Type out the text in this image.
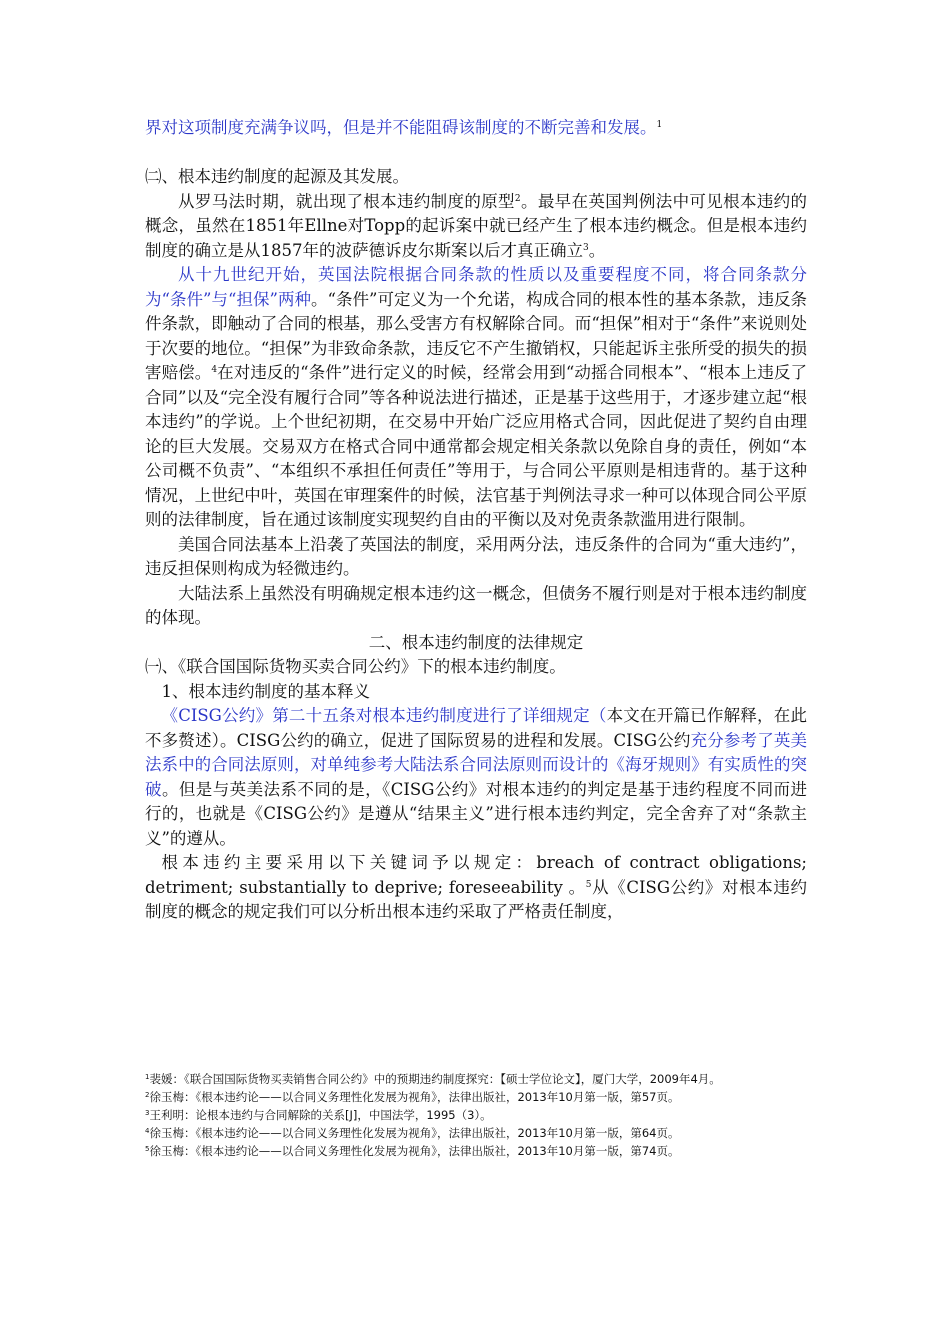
界对这项制度充满争议吗，但是并不能阻碍该制度的不断完善和发展。$^1$

㈡、根本违约制度的起源及其发展。

从罗马法时期，就出现了根本违约制度的原型$^2$。最早在英国判例法中可见根本违约的概念，虽然在1851年Ellne对Topp的起诉案中就已经产生了根本违约概念。但是根本违约制度的确立是从1857年的波萨德诉皮尔斯案以后才真正确立$^3$。

从十九世纪开始，英国法院根据合同条款的性质以及重要程度不同，将合同条款分为“条件”与“担保”两种。“条件”可定义为一个允诺，构成合同的根本性的基本条款，违反条件条款，即触动了合同的根基，那么受害方有权解除合同。而“担保”相对于“条件”来说则处于次要的地位。“担保”为非致命条款，违反它不产生撤销权，只能起诉主张所受的损失的损害赔偿。$^4$在对违反的“条件”进行定义的时候，经常会用到“动摇合同根本”、“根本上违反了合同”以及“完全没有履行合同”等各种说法进行描述，正是基于这些用于，才逐步建立起“根本违约”的学说。上个世纪初期，在交易中开始广泛应用格式合同，因此促进了契约自由理论的巨大发展。交易双方在格式合同中通常都会规定相关条款以免除自身的责任，例如“本公司概不负责”、“本组织不承担任何责任”等用于，与合同公平原则是相违背的。基于这种情况，上世纪中叶，英国在审理案件的时候，法官基于判例法寻求一种可以体现合同公平原则的法律制度，旨在通过该制度实现契约自由的平衡以及对免责条款滥用进行限制。

美国合同法基本上沿袭了英国法的制度，采用两分法，违反条件的合同为“重大违约”，违反担保则构成为轻微违约。

大陆法系上虽然没有明确规定根本违约这一概念，但债务不履行则是对于根本违约制度的体现。

二、根本违约制度的法律规定

㈠、《联合国国际货物买卖合同公约》下的根本违约制度。

1、根本违约制度的基本释义

《CISG公约》第二十五条对根本违约制度进行了详细规定（本文在开篇已作解释，在此不多赘述）。CISG公约的确立，促进了国际贸易的进程和发展。CISG公约充分参考了英美法系中的合同法原则，对单纯参考大陆法系合同法原则而设计的《海牙规则》有实质性的突破。但是与英美法系不同的是，《CISG公约》对根本违约的判定是基于违约程度不同而进行的，也就是《CISG公约》是遵从“结果主义”进行根本违约判定，完全舍弃了对“条款主义”的遵从。

根本违约主要采用以下关键词予以规定：breach of contract obligations; detriment; substantially to deprive; foreseeability 。$^5$从《CISG公约》对根本违约制度的概念的规定我们可以分析出根本违约采取了严格责任制度，

$^1$裴媛：《联合国国际货物买卖销售合同公约》中的预期违约制度探究：【硕士学位论文】，厦门大学，2009年4月。

$^2$徐玉梅：《根本违约论——以合同义务理性化发展为视角》，法律出版社，2013年10月第一版，第57页。

$^3$王利明：论根本违约与合同解除的关系[J]，中国法学，1995（3）。

$^4$徐玉梅：《根本违约论——以合同义务理性化发展为视角》，法律出版社，2013年10月第一版，第64页。

$^5$徐玉梅：《根本违约论——以合同义务理性化发展为视角》，法律出版社，2013年10月第一版，第74页。
